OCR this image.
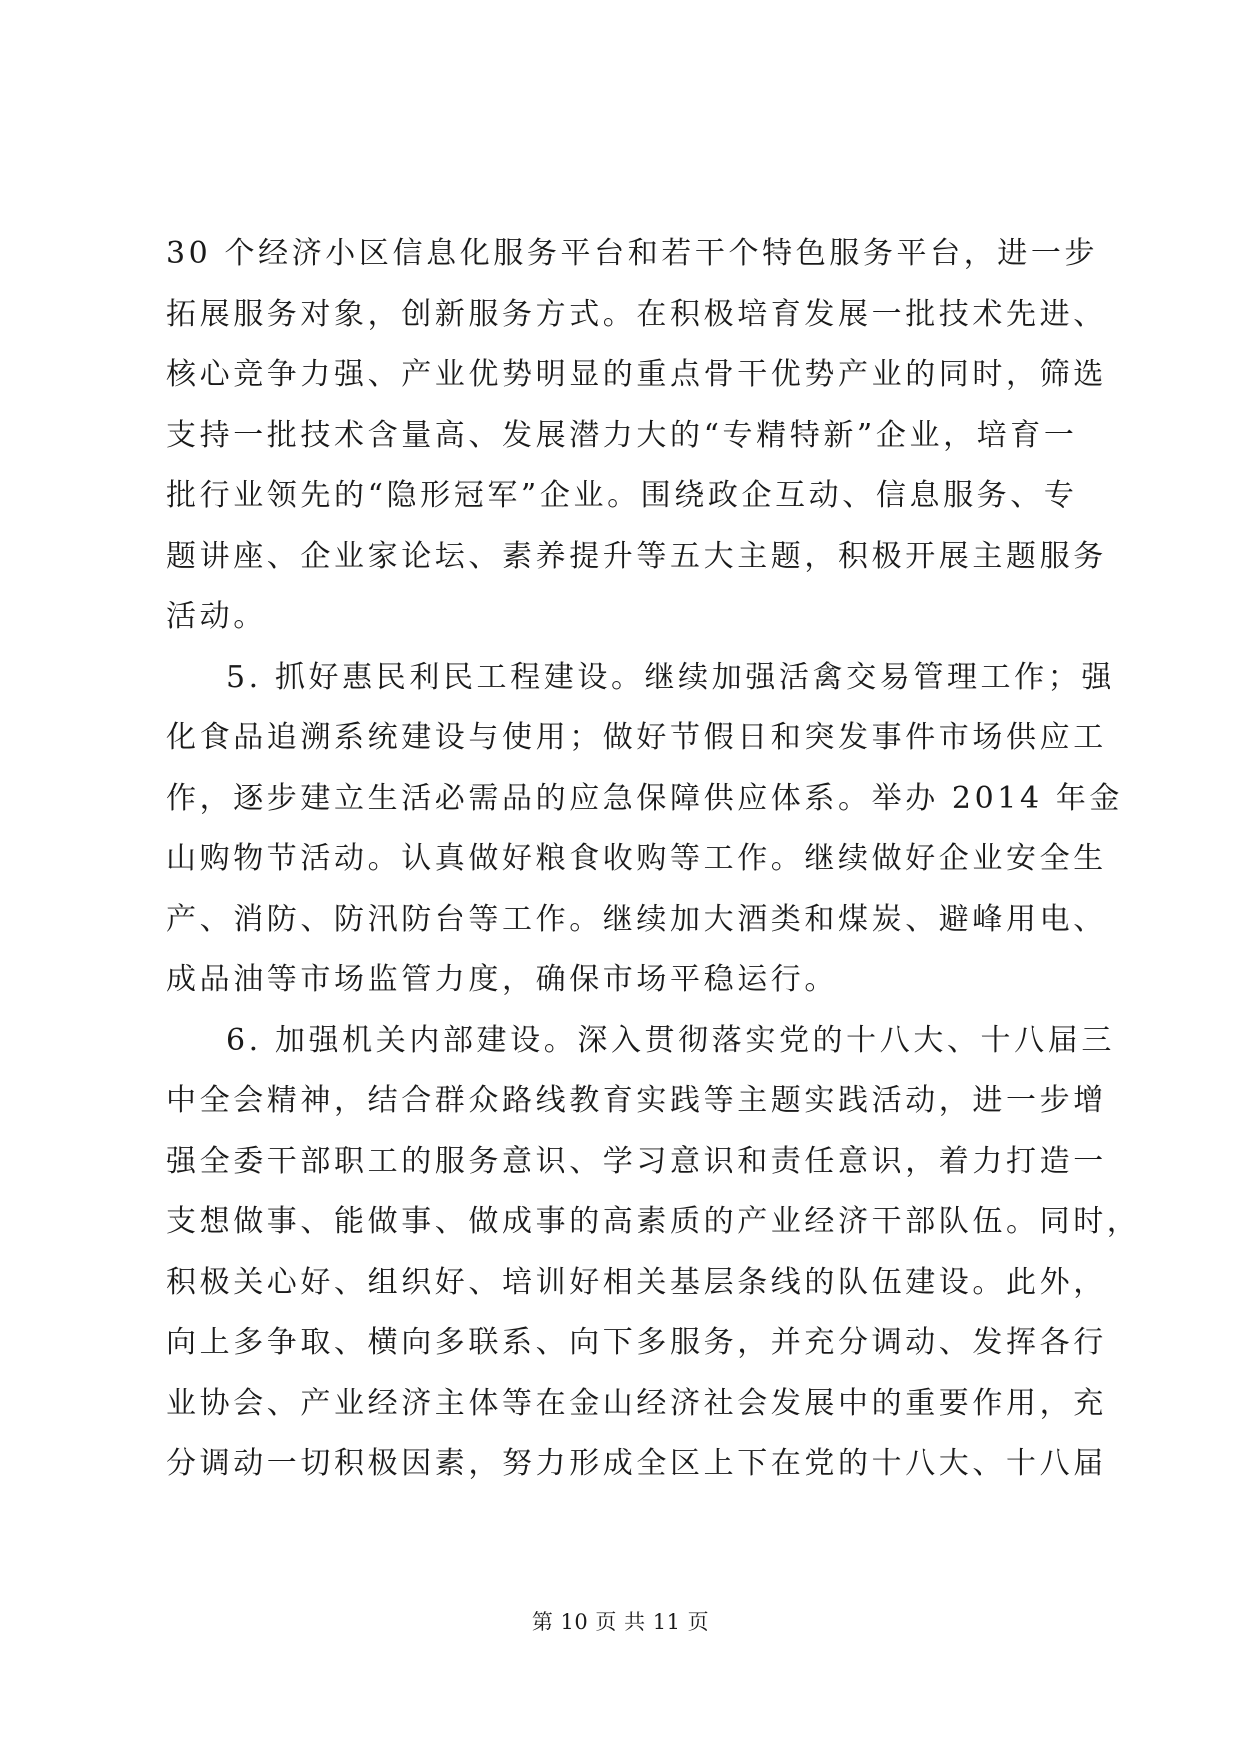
30 个经济小区信息化服务平台和若干个特色服务平台，进一步
拓展服务对象，创新服务方式。在积极培育发展一批技术先进、
核心竞争力强、产业优势明显的重点骨干优势产业的同时，筛选
支持一批技术含量高、发展潜力大的“专精特新”企业，培育一
批行业领先的“隐形冠军”企业。围绕政企互动、信息服务、专
题讲座、企业家论坛、素养提升等五大主题，积极开展主题服务
活动。
5. 抓好惠民利民工程建设。继续加强活禽交易管理工作；强
化食品追溯系统建设与使用；做好节假日和突发事件市场供应工
作，逐步建立生活必需品的应急保障供应体系。举办 2014 年金
山购物节活动。认真做好粮食收购等工作。继续做好企业安全生
产、消防、防汛防台等工作。继续加大酒类和煤炭、避峰用电、
成品油等市场监管力度，确保市场平稳运行。
6. 加强机关内部建设。深入贯彻落实党的十八大、十八届三
中全会精神，结合群众路线教育实践等主题实践活动，进一步增
强全委干部职工的服务意识、学习意识和责任意识，着力打造一
支想做事、能做事、做成事的高素质的产业经济干部队伍。同时，
积极关心好、组织好、培训好相关基层条线的队伍建设。此外，
向上多争取、横向多联系、向下多服务，并充分调动、发挥各行
业协会、产业经济主体等在金山经济社会发展中的重要作用，充
分调动一切积极因素，努力形成全区上下在党的十八大、十八届
第 10 页 共 11 页
